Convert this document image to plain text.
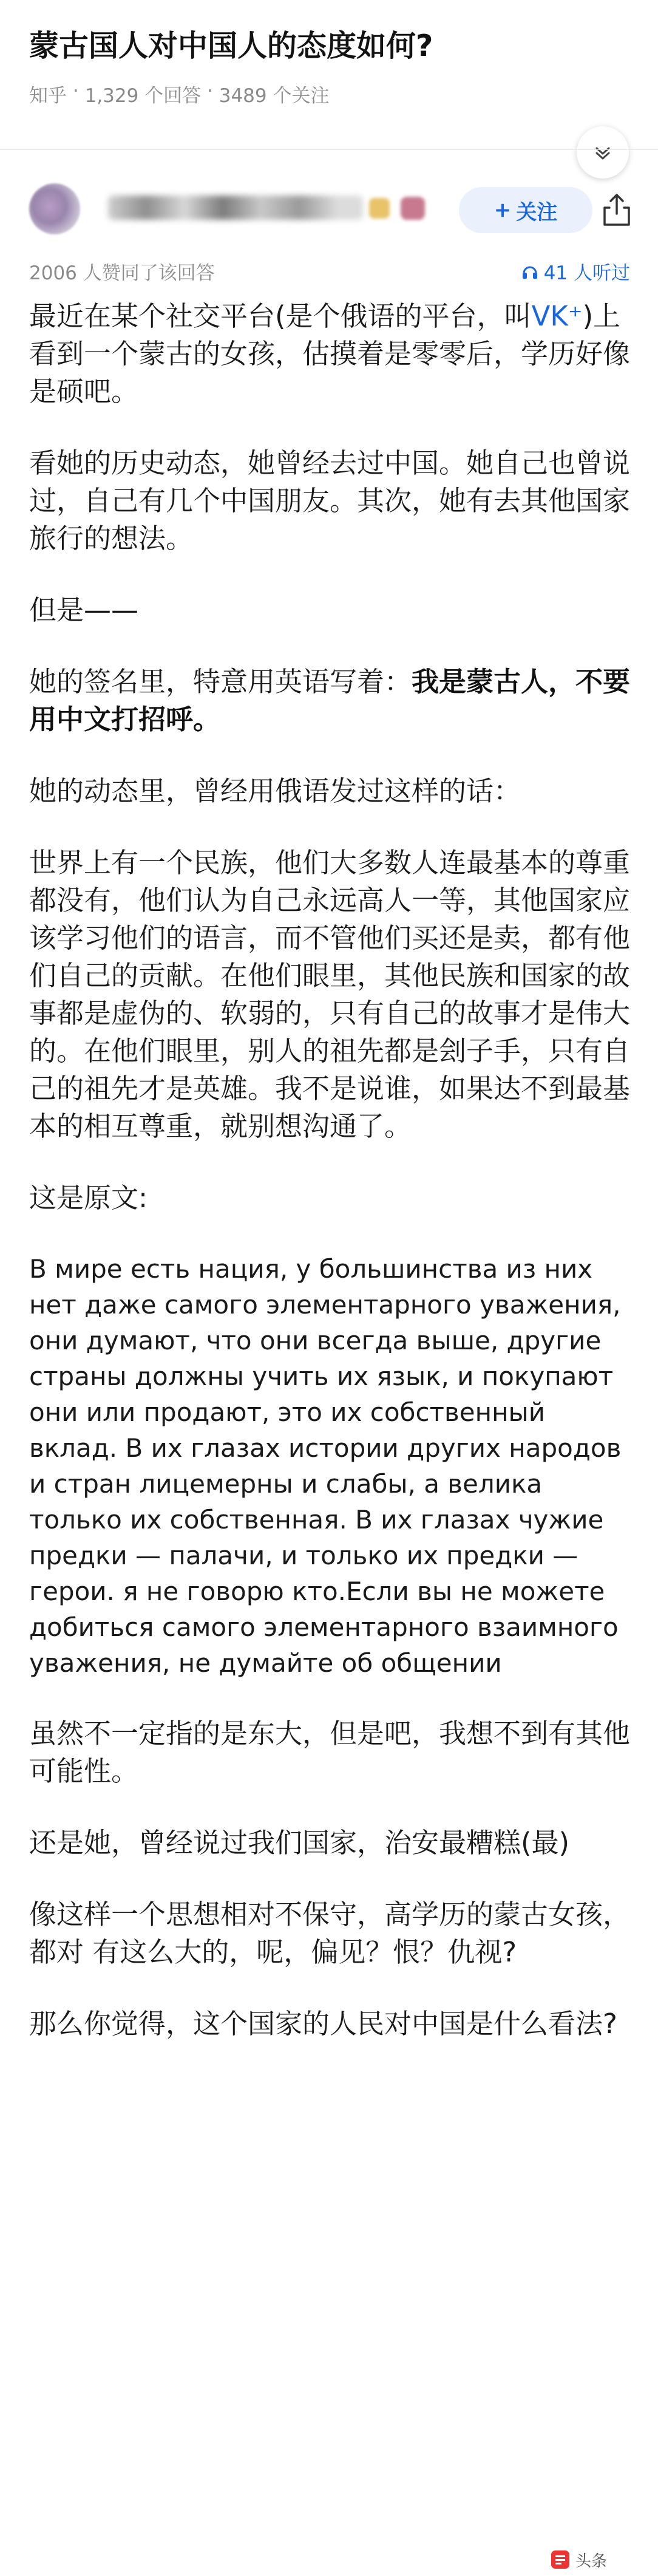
蒙古国人对中国人的态度如何?
知乎 · 1,329 个回答 · 3489 个关注
+ 关注
2006 人赞同了该回答	41 人听过

最近在某个社交平台(是个俄语的平台，叫VK⁺)上看到一个蒙古的女孩，估摸着是零零后，学历好像是硕吧。

看她的历史动态，她曾经去过中国。她自己也曾说过，自己有几个中国朋友。其次，她有去其他国家旅行的想法。

但是——

她的签名里，特意用英语写着：我是蒙古人，不要用中文打招呼。

她的动态里，曾经用俄语发过这样的话：

世界上有一个民族，他们大多数人连最基本的尊重都没有，他们认为自己永远高人一等，其他国家应该学习他们的语言，而不管他们买还是卖，都有他们自己的贡献。在他们眼里，其他民族和国家的故事都是虚伪的、软弱的，只有自己的故事才是伟大的。在他们眼里，别人的祖先都是刽子手，只有自己的祖先才是英雄。我不是说谁，如果达不到最基本的相互尊重，就别想沟通了。

这是原文:

В мире есть нация, у большинства из них нет даже самого элементарного уважения, они думают, что они всегда выше, другие страны должны учить их язык, и покупают они или продают, это их собственный вклад. В их глазах истории других народов и стран лицемерны и слабы, а велика только их собственная. В их глазах чужие предки — палачи, и только их предки — герои. я не говорю кто.Если вы не можете добиться самого элементарного взаимного уважения, не думайте об общении

虽然不一定指的是东大，但是吧，我想不到有其他可能性。

还是她，曾经说过我们国家，治安最糟糕(最)

像这样一个思想相对不保守，高学历的蒙古女孩，都对 有这么大的，呢，偏见？恨？仇视?

那么你觉得，这个国家的人民对中国是什么看法?

头条
